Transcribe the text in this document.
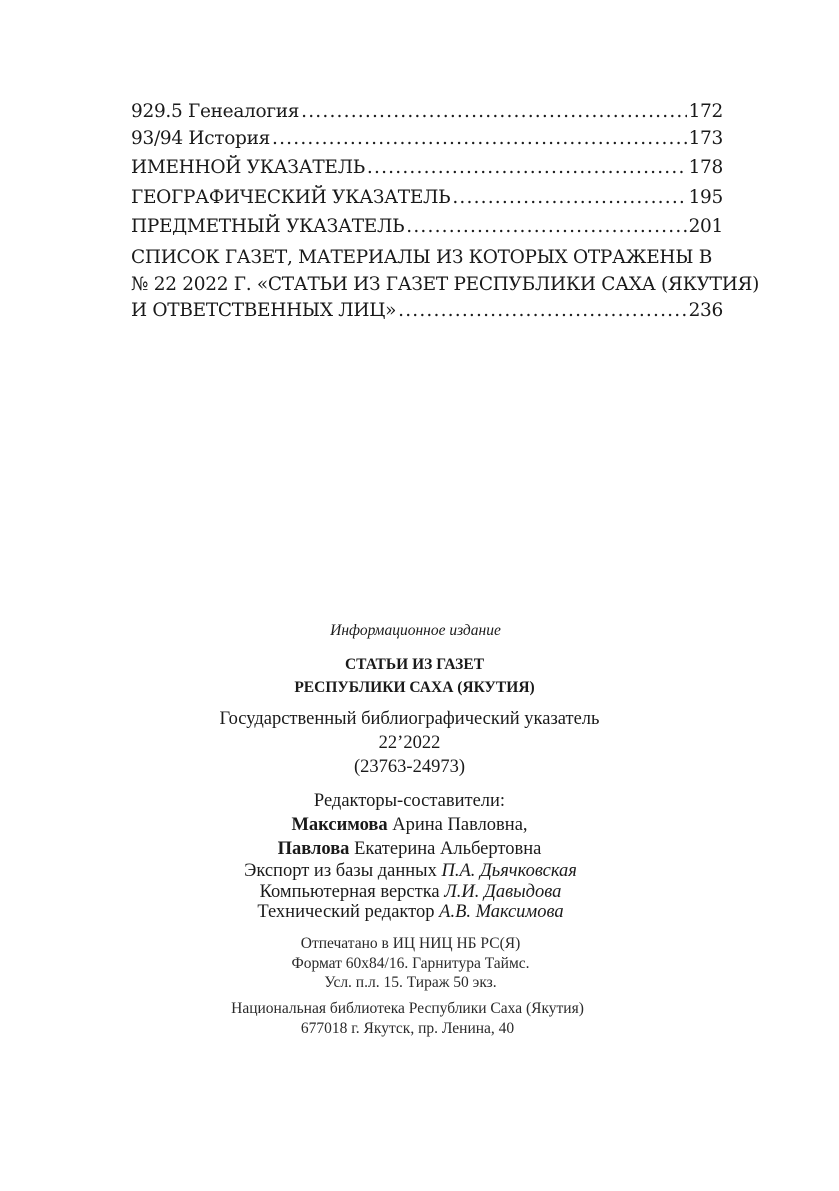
929.5 Генеалогия .....	172
93/94 История .....	173
ИМЕННОЙ УКАЗАТЕЛЬ .....	178
ГЕОГРАФИЧЕСКИЙ УКАЗАТЕЛЬ .....	195
ПРЕДМЕТНЫЙ УКАЗАТЕЛЬ .....	201
СПИСОК ГАЗЕТ, МАТЕРИАЛЫ ИЗ КОТОРЫХ ОТРАЖЕНЫ В
№ 22 2022 Г. «СТАТЬИ ИЗ ГАЗЕТ РЕСПУБЛИКИ САХА (ЯКУТИЯ)
И ОТВЕТСТВЕННЫХ ЛИЦ» .....	236
Информационное издание
СТАТЬИ ИЗ ГАЗЕТ
РЕСПУБЛИКИ САХА (ЯКУТИЯ)
Государственный библиографический указатель
22’2022
(23763-24973)
Редакторы-составители:
Максимова Арина Павловна,
Павлова Екатерина Альбертовна
Экспорт из базы данных П.А. Дьячковская
Компьютерная верстка Л.И. Давыдова
Технический редактор А.В. Максимова
Отпечатано в ИЦ НИЦ НБ РС(Я)
Формат 60х84/16. Гарнитура Таймс.
Усл. п.л. 15. Тираж 50 экз.
Национальная библиотека Республики Саха (Якутия)
677018 г. Якутск, пр. Ленина, 40
